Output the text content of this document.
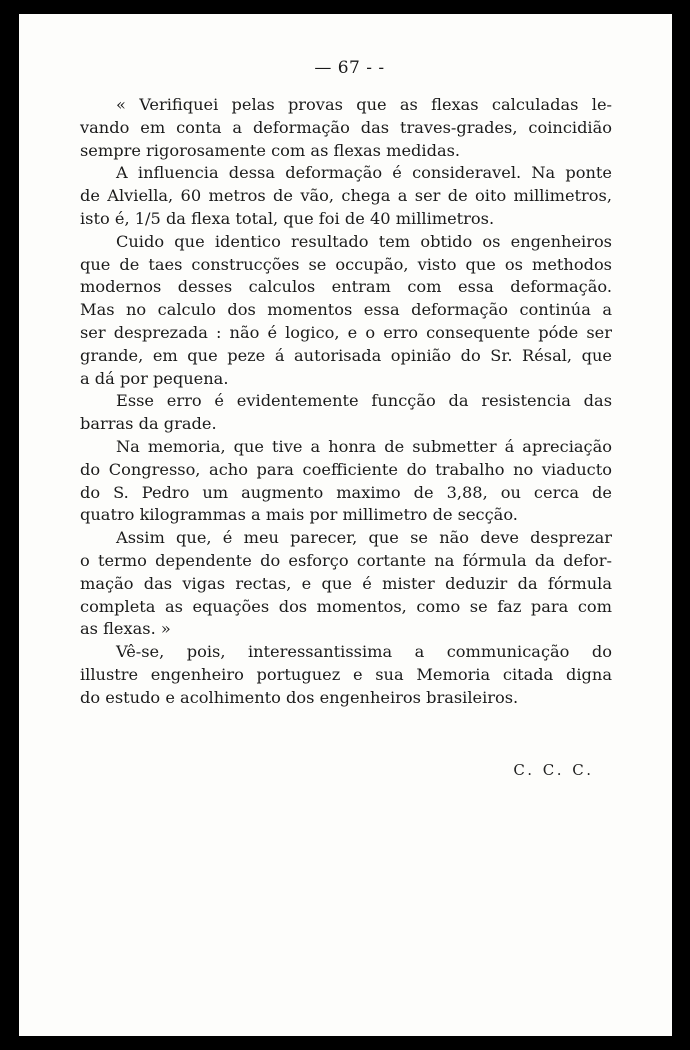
— 67 - -
« Verifiquei pelas provas que as flexas calculadas le-
vando em conta a deformação das traves-grades, coincidião
sempre rigorosamente com as flexas medidas.
A influencia dessa deformação é consideravel. Na ponte
de Alviella, 60 metros de vão, chega a ser de oito millimetros,
isto é, 1/5 da flexa total, que foi de 40 millimetros.
Cuido que identico resultado tem obtido os engenheiros
que de taes construcções se occupão, visto que os methodos
modernos desses calculos entram com essa deformação.
Mas no calculo dos momentos essa deformação continúa a
ser desprezada : não é logico, e o erro consequente póde ser
grande, em que peze á autorisada opinião do Sr. Résal, que
a dá por pequena.
Esse erro é evidentemente funcção da resistencia das
barras da grade.
Na memoria, que tive a honra de submetter á apreciação
do Congresso, acho para coefficiente do trabalho no viaducto
do S. Pedro um augmento maximo de 3,88, ou cerca de
quatro kilogrammas a mais por millimetro de secção.
Assim que, é meu parecer, que se não deve desprezar
o termo dependente do esforço cortante na fórmula da defor-
mação das vigas rectas, e que é mister deduzir da fórmula
completa as equações dos momentos, como se faz para com
as flexas. »
Vê-se, pois, interessantissima a communicação do
illustre engenheiro portuguez e sua Memoria citada digna
do estudo e acolhimento dos engenheiros brasileiros.
C. C. C.
